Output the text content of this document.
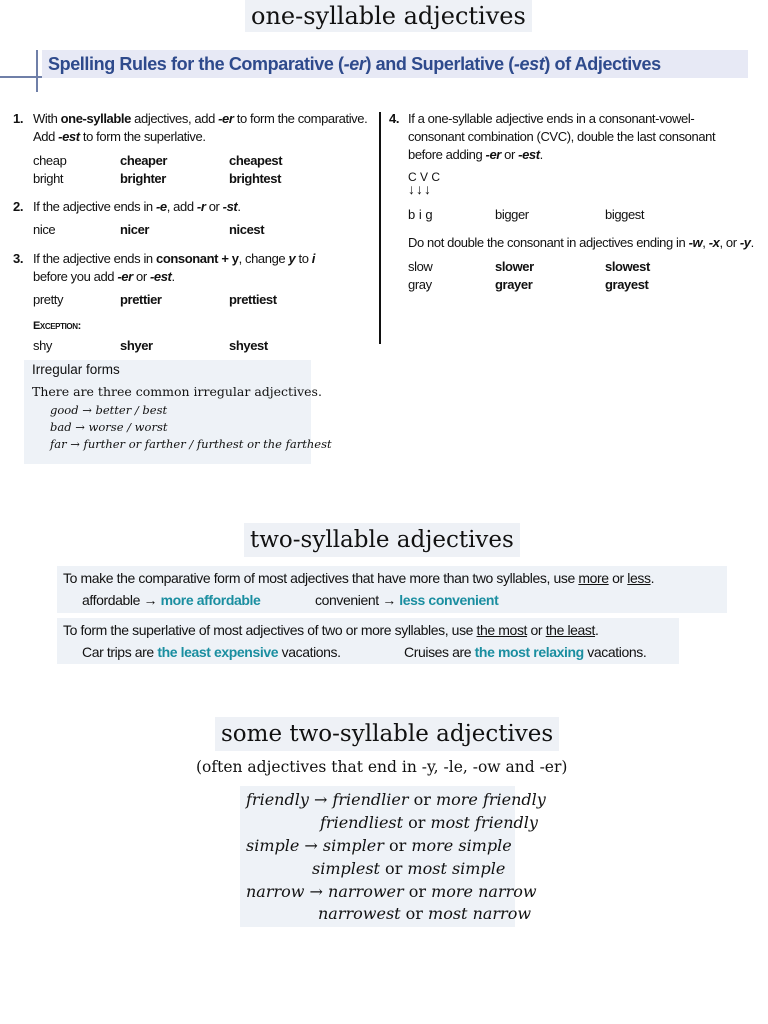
one-syllable adjectives
Spelling Rules for the Comparative (-er) and Superlative (-est) of Adjectives
1. With one-syllable adjectives, add -er to form the comparative.
Add -est to form the superlative.
cheap	cheaper	cheapest
bright	brighter	brightest
2. If the adjective ends in -e, add -r or -st.
nice	nicer	nicest
3. If the adjective ends in consonant + y, change y to i
before you add -er or -est.
pretty	prettier	prettiest
Exception:
shy	shyer	shyest
4. If a one-syllable adjective ends in a consonant-vowel-
consonant combination (CVC), double the last consonant
before adding -er or -est.
C V C
↓↓↓
b i g	bigger	biggest
Do not double the consonant in adjectives ending in -w, -x, or -y.
slow	slower	slowest
gray	grayer	grayest
Irregular forms
There are three common irregular adjectives.
good → better / best
bad → worse / worst
far → further or farther / furthest or the farthest
two-syllable adjectives
To make the comparative form of most adjectives that have more than two syllables, use more or less.
affordable → more affordable	convenient → less convenient
To form the superlative of most adjectives of two or more syllables, use the most or the least.
Car trips are the least expensive vacations.	Cruises are the most relaxing vacations.
some two-syllable adjectives
(often adjectives that end in -y, -le, -ow and -er)
friendly → friendlier or more friendly
friendliest or most friendly
simple → simpler or more simple
simplest or most simple
narrow → narrower or more narrow
narrowest or most narrow
